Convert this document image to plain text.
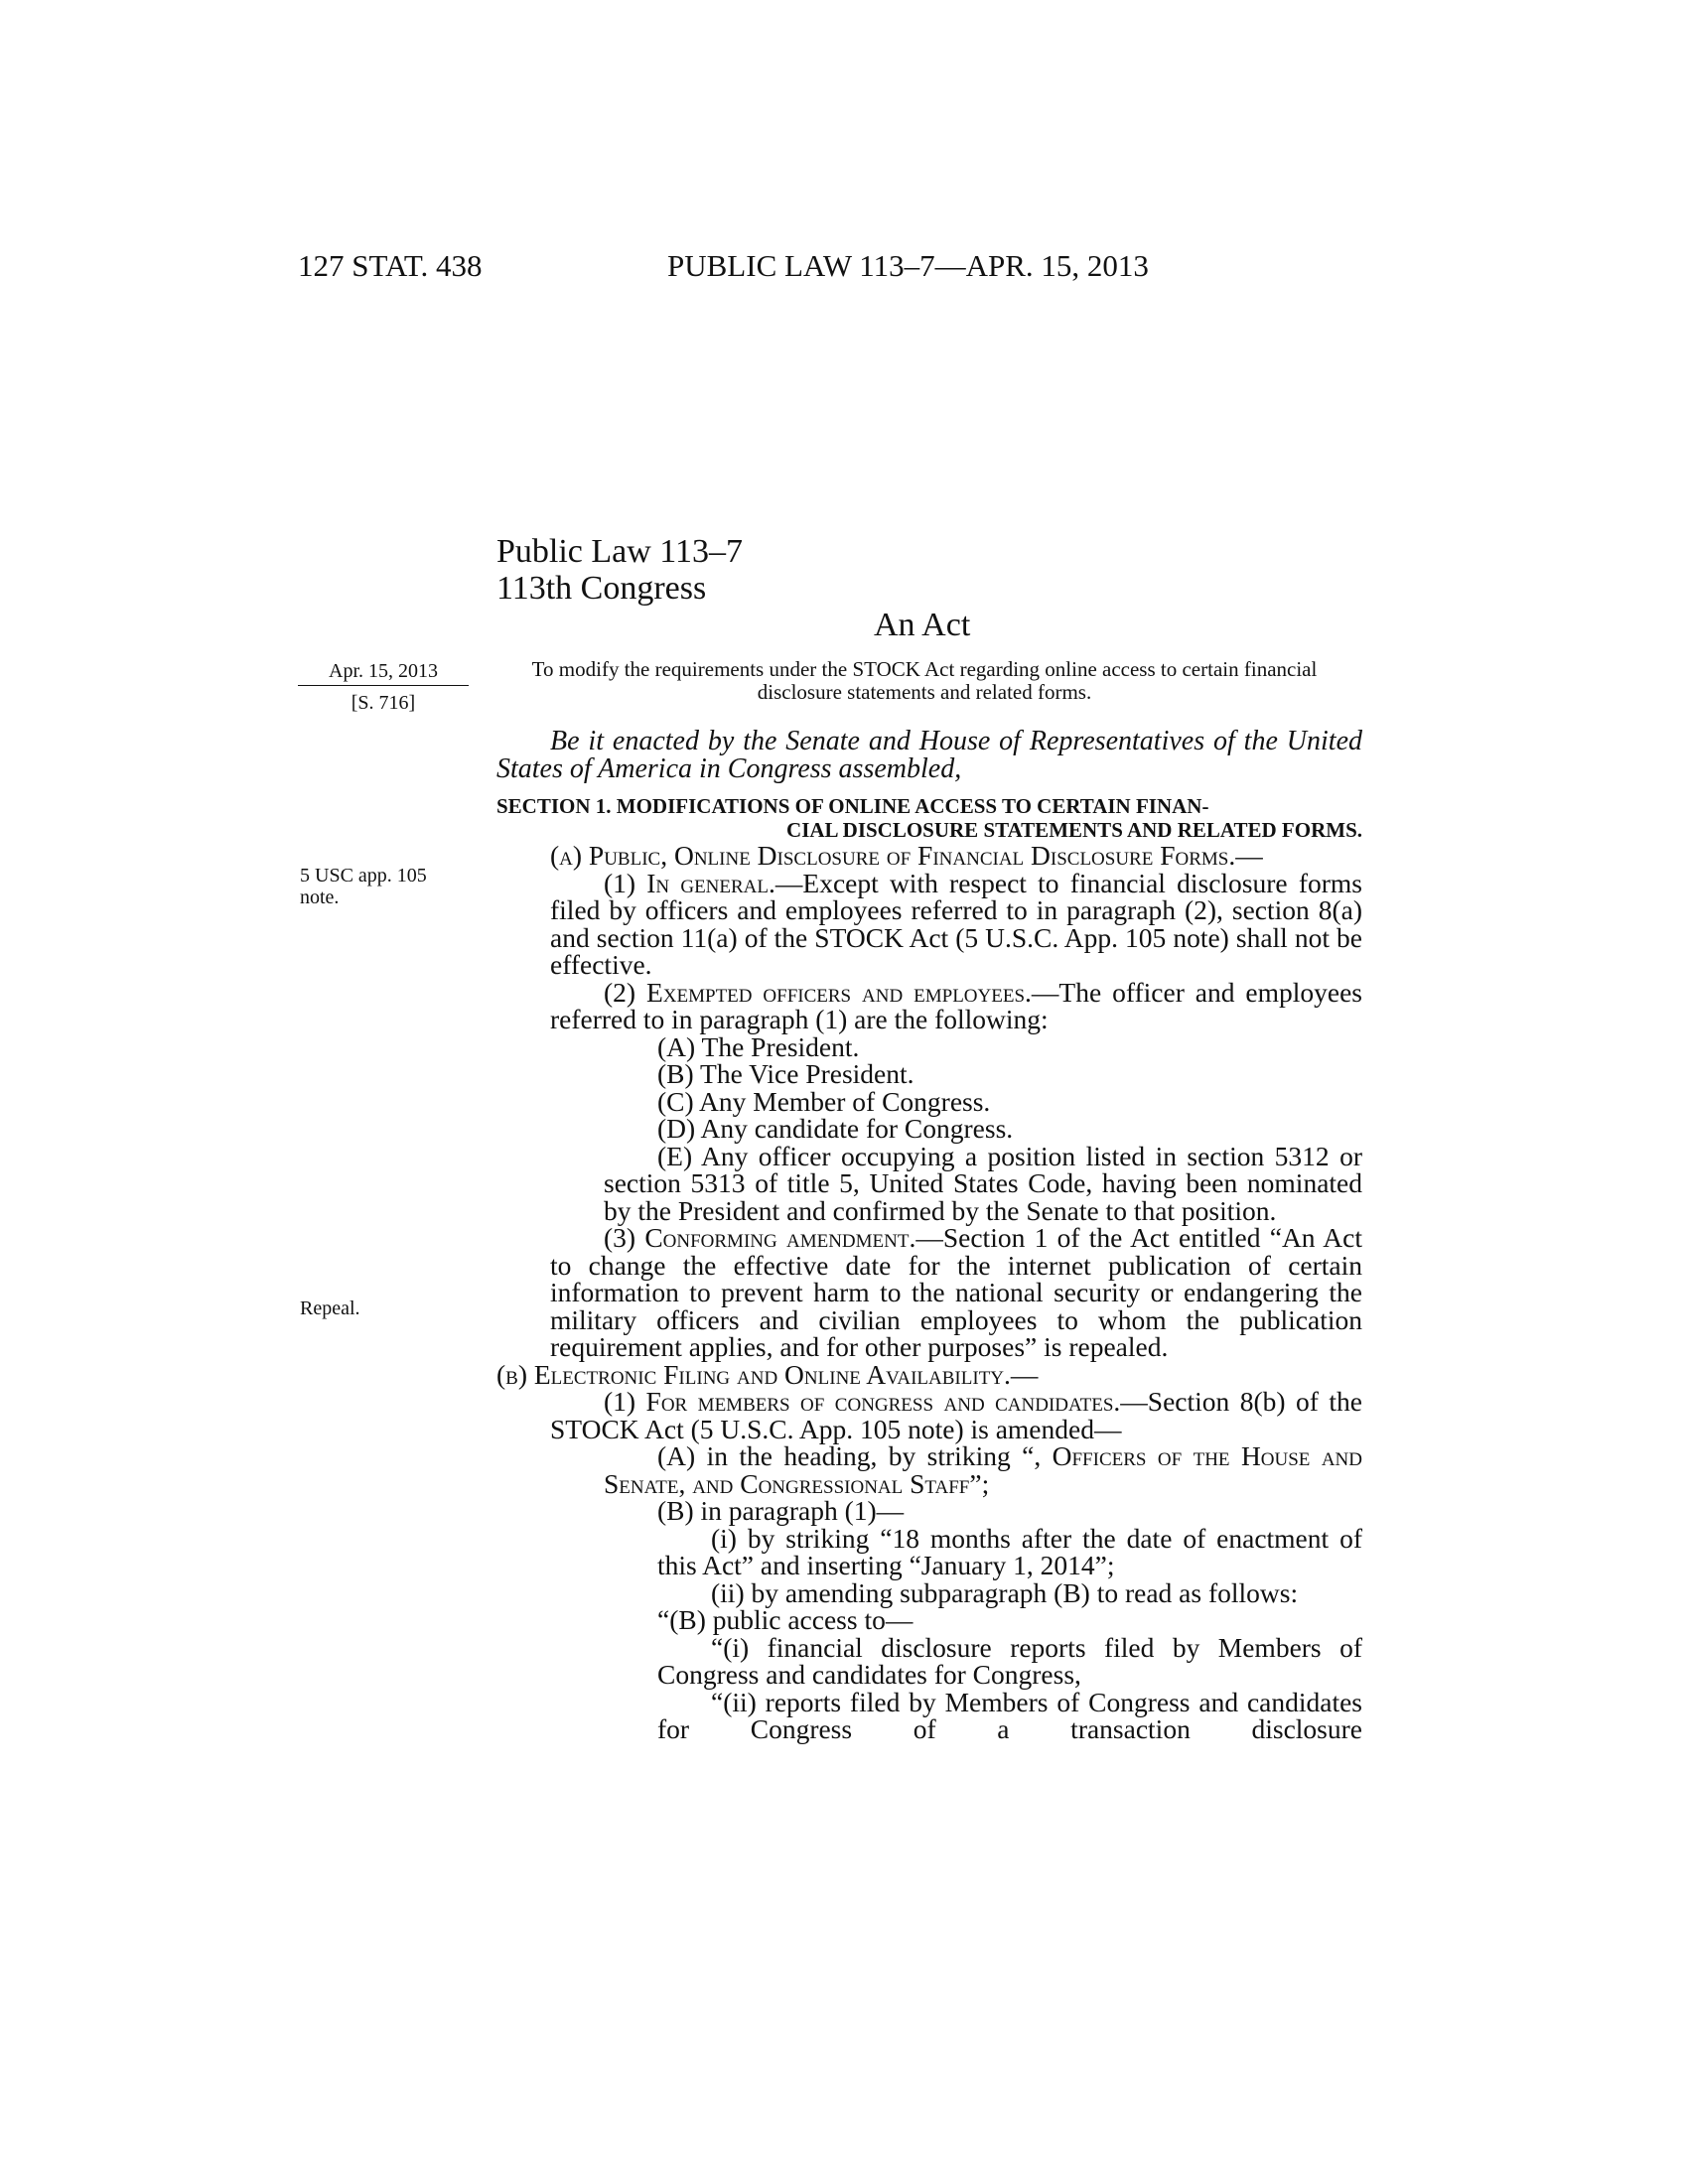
127 STAT. 438	PUBLIC LAW 113–7—APR. 15, 2013
Public Law 113–7
113th Congress
An Act
Apr. 15, 2013
[S. 716]
5 USC app. 105
note.
Repeal.
To modify the requirements under the STOCK Act regarding online access to certain financial disclosure statements and related forms.
Be it enacted by the Senate and House of Representatives of the United States of America in Congress assembled,
SECTION 1. MODIFICATIONS OF ONLINE ACCESS TO CERTAIN FINAN-
CIAL DISCLOSURE STATEMENTS AND RELATED FORMS.

(a) Public, Online Disclosure of Financial Disclosure Forms.—

(1) In general.—Except with respect to financial disclosure forms filed by officers and employees referred to in paragraph (2), section 8(a) and section 11(a) of the STOCK Act (5 U.S.C. App. 105 note) shall not be effective.

(2) Exempted officers and employees.—The officer and employees referred to in paragraph (1) are the following:

(A) The President.

(B) The Vice President.

(C) Any Member of Congress.

(D) Any candidate for Congress.

(E) Any officer occupying a position listed in section 5312 or section 5313 of title 5, United States Code, having been nominated by the President and confirmed by the Senate to that position.

(3) Conforming amendment.—Section 1 of the Act entitled “An Act to change the effective date for the internet publication of certain information to prevent harm to the national security or endangering the military officers and civilian employees to whom the publication requirement applies, and for other purposes” is repealed.

(b) Electronic Filing and Online Availability.—

(1) For members of congress and candidates.—Section 8(b) of the STOCK Act (5 U.S.C. App. 105 note) is amended—

(A) in the heading, by striking “, Officers of the House and Senate, and Congressional Staff”;

(B) in paragraph (1)—

(i) by striking “18 months after the date of enactment of this Act” and inserting “January 1, 2014”;

(ii) by amending subparagraph (B) to read as follows:

“(B) public access to—

“(i) financial disclosure reports filed by Members of Congress and candidates for Congress,

“(ii) reports filed by Members of Congress and candidates for Congress of a transaction disclosure
